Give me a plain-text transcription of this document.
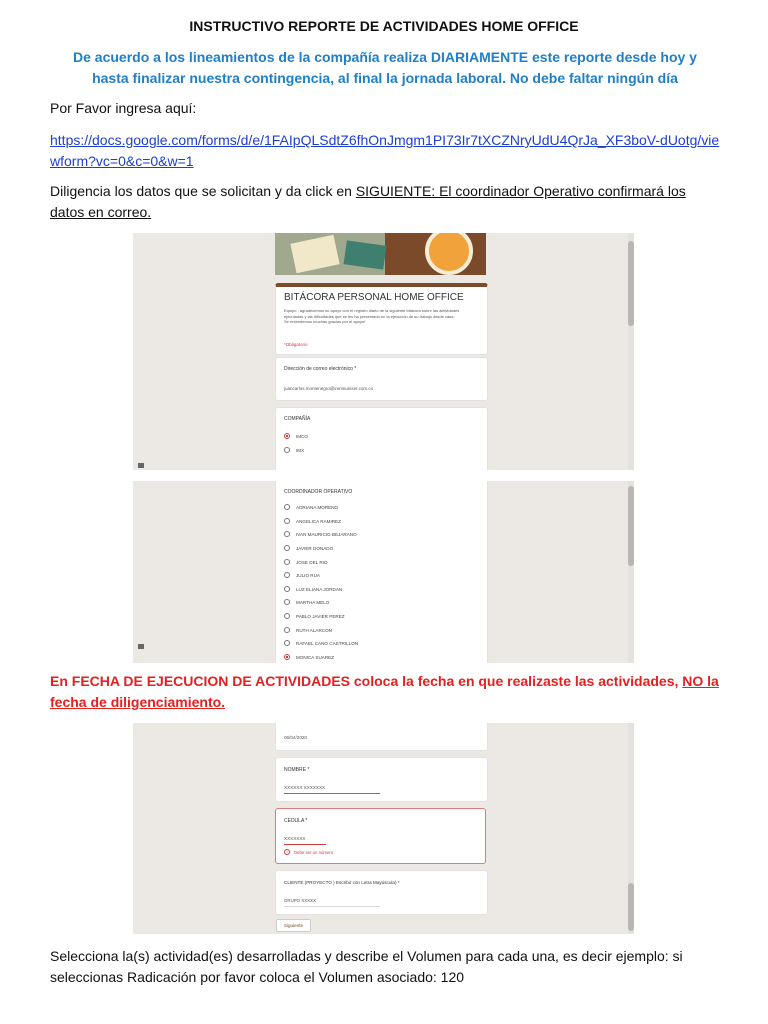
INSTRUCTIVO REPORTE DE ACTIVIDADES HOME OFFICE
De acuerdo a los lineamientos de la compañía realiza DIARIAMENTE este reporte desde hoy y hasta finalizar nuestra contingencia, al final la jornada laboral. No debe faltar ningún día
Por Favor ingresa aquí:
https://docs.google.com/forms/d/e/1FAIpQLSdtZ6fhOnJmgm1PI73Ir7tXCZNryUdU4QrJa_XF3boV-dUotg/viewform?vc=0&c=0&w=1
Diligencia los datos que se solicitan y da click en SIGUIENTE: El coordinador Operativo confirmará los datos en correo.
BITÁCORA PERSONAL HOME OFFICE
Equipo , agradecemos su apoyo con el registro diario de la siguiente bitácora sobre las actividades ejecutadas y las dificultades que se les ha presentado en la ejecución de su trabajo desde casa.
Se entendemos muchas gracias por el apoyo!
*Obligatorio
Dirección de correo electrónico *
juancarlos.montenegro@inmmuniser.com.co
COMPAÑÍA
IMCO
IMX
COORDINADOR OPERATIVO
ADRIANA MORENO
ANGELICA RAMIREZ
IVAN MAURICIO BEJARANO
JAVIER DONADO
JOSE DEL RIO
JULIO RUA
LUZ ELIANA JORDAN
MARTHA MELO
PABLO JAVIER PEREZ
RUTH ALARCON
RAFAEL CANO CASTRILLON
MONICA SUAREZ
En FECHA DE EJECUCION DE ACTIVIDADES coloca la fecha en que realizaste las actividades, NO la fecha de diligenciamiento.
06/04/2020
NOMBRE *
XXXXXX XXXXXXX
CEDULA *
XXXXXXX
!	Debe ser un número
CLIENTE (PROYECTO ) Escribir con Letra Mayúscula) *
GRUPO XXXXX
Siguiente
Selecciona la(s) actividad(es) desarrolladas y describe el Volumen para cada una, es decir ejemplo: si seleccionas Radicación por favor coloca el Volumen asociado: 120
